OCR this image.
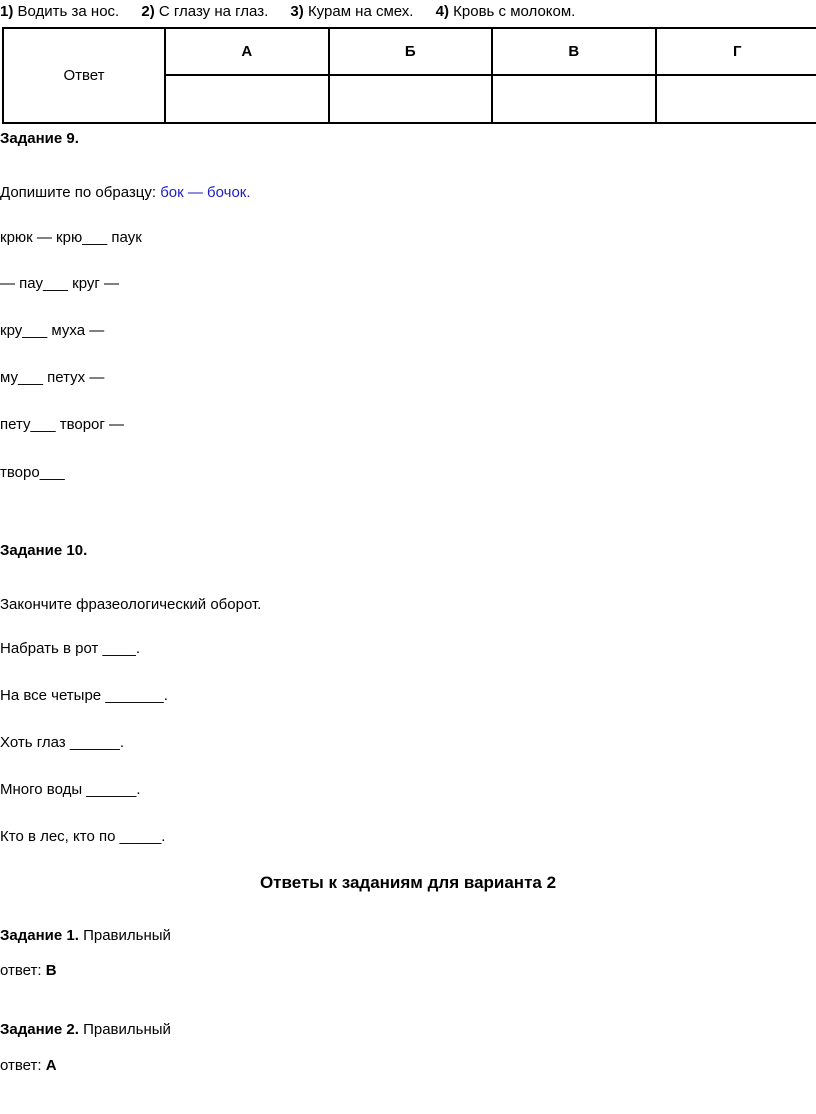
1) Водить за нос. 2) С глазу на глаз. 3) Курам на смех. 4) Кровь с молоком.
Ответ	А	Б	В	Г

Задание 9.
Допишите по образцу: бок — бочок.
крюк — крю___ паук
— пау___ круг —
кру___ муха —
му___ петух —
пету___ творог —
творо___
Задание 10.
Закончите фразеологический оборот.
Набрать в рот ____.
На все четыре _______.
Хоть глаз ______.
Много воды ______.
Кто в лес, кто по _____.
Ответы к заданиям для варианта 2
Задание 1. Правильный
ответ: В
Задание 2. Правильный
ответ: А
